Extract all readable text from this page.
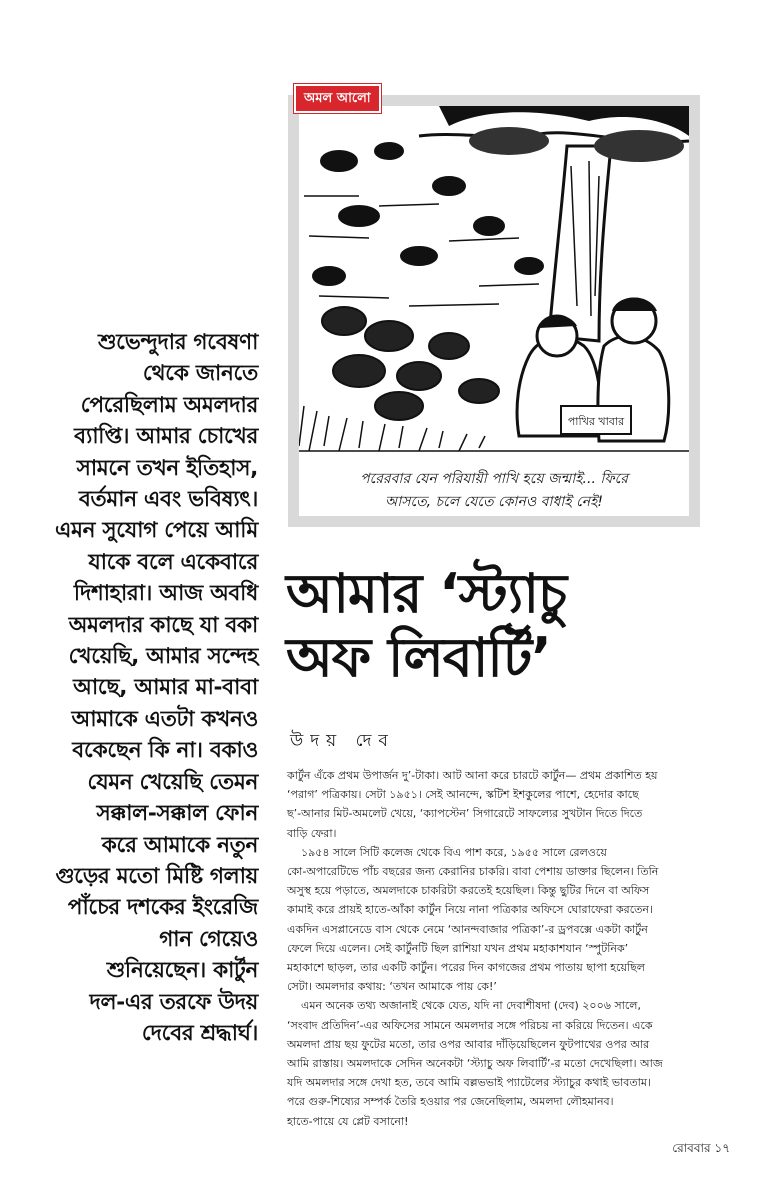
শুভেন্দুদার গবেষণা
থেকে জানতে
পেরেছিলাম অমলদার
ব্যাপ্তি। আমার চোখের
সামনে তখন ইতিহাস,
বর্তমান এবং ভবিষ্যৎ।
এমন সুযোগ পেয়ে আমি
যাকে বলে একেবারে
দিশাহারা। আজ অবধি
অমলদার কাছে যা বকা
খেয়েছি, আমার সন্দেহ
আছে, আমার মা-বাবা
আমাকে এতটা কখনও
বকেছেন কি না। বকাও
যেমন খেয়েছি তেমন
সক্কাল-সক্কাল ফোন
করে আমাকে নতুন
গুড়ের মতো মিষ্টি গলায়
পাঁচের দশকের ইংরেজি
গান গেয়েও
শুনিয়েছেন। কার্টুন
দল-এর তরফে উদয়
দেবের শ্রদ্ধার্ঘ।
পাখির খাবার
পরেরবার যেন পরিযায়ী পাখি হয়ে জন্মাই... ফিরে
আসতে, চলে যেতে কোনও বাধাই নেই!
অমল আলো
আমার ‘স্ট্যাচু
অফ লিবার্টি’
উদয় দেব
কার্টুন এঁকে প্রথম উপার্জন দু’-টাকা। আট আনা করে চারটে কার্টুন— প্রথম প্রকাশিত হয়
‘পরাগ’ পত্রিকায়। সেটা ১৯৫১। সেই আনন্দে, স্কটিশ ইশকুলের পাশে, হেদোর কাছে
ছ’-আনার মিট-অমলেট খেয়ে, ‘ক্যাপস্টেন’ সিগারেটে সাফল্যের সুখটান দিতে দিতে
বাড়ি ফেরা।
১৯৫৪ সালে সিটি কলেজ থেকে বিএ পাশ করে, ১৯৫৫ সালে রেলওয়ে
কো-অপারেটিভে পাঁচ বছরের জন্য কেরানির চাকরি। বাবা পেশায় ডাক্তার ছিলেন। তিনি
অসুস্থ হয়ে পড়াতে, অমলদাকে চাকরিটা করতেই হয়েছিল। কিন্তু ছুটির দিনে বা অফিস
কামাই করে প্রায়ই হাতে-আঁকা কার্টুন নিয়ে নানা পত্রিকার অফিসে ঘোরাফেরা করতেন।
একদিন এসপ্লানেডে বাস থেকে নেমে ‘আনন্দবাজার পত্রিকা’-র ড্রপবক্সে একটা কার্টুন
ফেলে দিয়ে এলেন। সেই কার্টুনটি ছিল রাশিয়া যখন প্রথম মহাকাশযান ‘স্পুটনিক’
মহাকাশে ছাড়ল, তার একটি কার্টুন। পরের দিন কাগজের প্রথম পাতায় ছাপা হয়েছিল
সেটা। অমলদার কথায়: ‘তখন আমাকে পায় কে!’
এমন অনেক তথ্য অজানাই থেকে যেত, যদি না দেবাশীষদা (দেব) ২০০৬ সালে,
‘সংবাদ প্রতিদিন’-এর অফিসের সামনে অমলদার সঙ্গে পরিচয় না করিয়ে দিতেন। একে
অমলদা প্রায় ছয় ফুটের মতো, তার ওপর আবার দাঁড়িয়েছিলেন ফুটপাথের ওপর আর
আমি রাস্তায়। অমলদাকে সেদিন অনেকটা ‘স্ট্যাচু অফ লিবার্টি’-র মতো দেখেছিলা। আজ
যদি অমলদার সঙ্গে দেখা হত, তবে আমি বল্লভভাই প্যাটেলের স্ট্যাচুর কথাই ভাবতাম।
পরে গুরু-শিষ্যের সম্পর্ক তৈরি হওয়ার পর জেনেছিলাম, অমলদা লৌহমানব।
হাতে-পায়ে যে প্লেট বসানো!
রোববার ১৭
